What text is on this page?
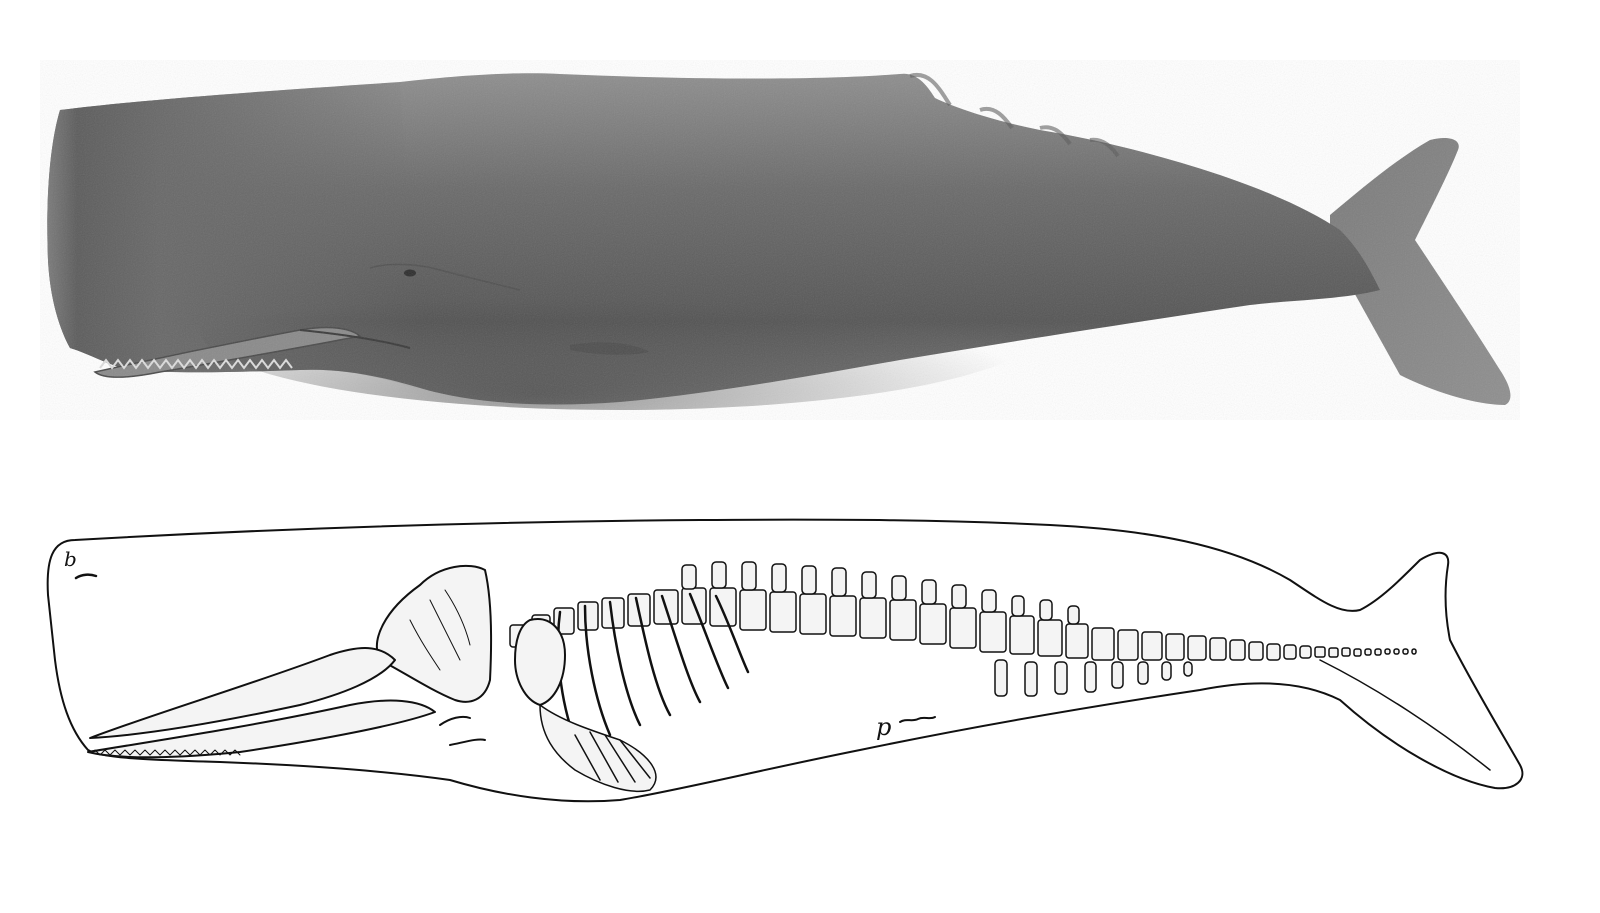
b
p
